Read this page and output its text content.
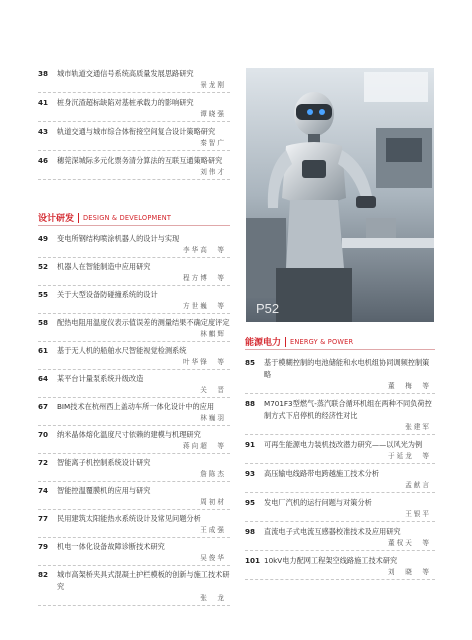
38	城市轨道交通信号系统高质量发展思路研究
景龙刚
41	桩身沉渣超标缺陷对基桩承载力的影响研究
谭晓强
43	轨道交通与城市综合体衔接空间复合设计策略研究
秦智广
46	穗莞深城际多元化票务清分算法的互联互通策略研究
刘伟才
设计研发 DESIGN & DEVELOPMENT
49	变电所钢结构喷涂机器人的设计与实现
李华高　等
52	机器人在智能制造中应用研究
程方博　等
55	关于大型设备防碰撞系统的设计
方世巍　等
58	配热电阻用温度仪表示值误差的测量结果不确定度评定
林麒辉
61	基于无人机的船舶水尺智能视觉检测系统
叶华锋　等
64	某平台计量泵系统升级改造
关　晋
67	BIM技术在杭州西上盖动车所一体化设计中的应用
林巍羽
70	纳米晶体熔化温度尺寸依赖的建模与机理研究
蒋向超　等
72	智能离子机控制系统设计研究
詹陈杰
74	智能控温覆膜机的应用与研究
周初材
77	民用建筑太阳能热水系统设计及常见问题分析
王成强
79	机电一体化设备故障诊断技术研究
吴俊华
82	城市高架桥夹具式混凝土护栏模板的创新与施工技术研究
张　龙
P52
能源电力 ENERGY & POWER
85	基于模糊控制的电池储能和水电机组协同调频控制策略
董　梅　等
88	M701F3型燃气-蒸汽联合循环机组在两种不同负荷控制方式下启停机的经济性对比
张建军
91	可再生能源电力装机技改潜力研究——以风光为例
于延龙　等
93	高压输电线路带电跨越施工技术分析
孟献言
95	发电厂汽机的运行问题与对策分析
王银平
98	直流电子式电流互感器校准技术及应用研究
董权天　等
101 10kV电力配网工程架空线路施工技术研究
刘　晓　等
